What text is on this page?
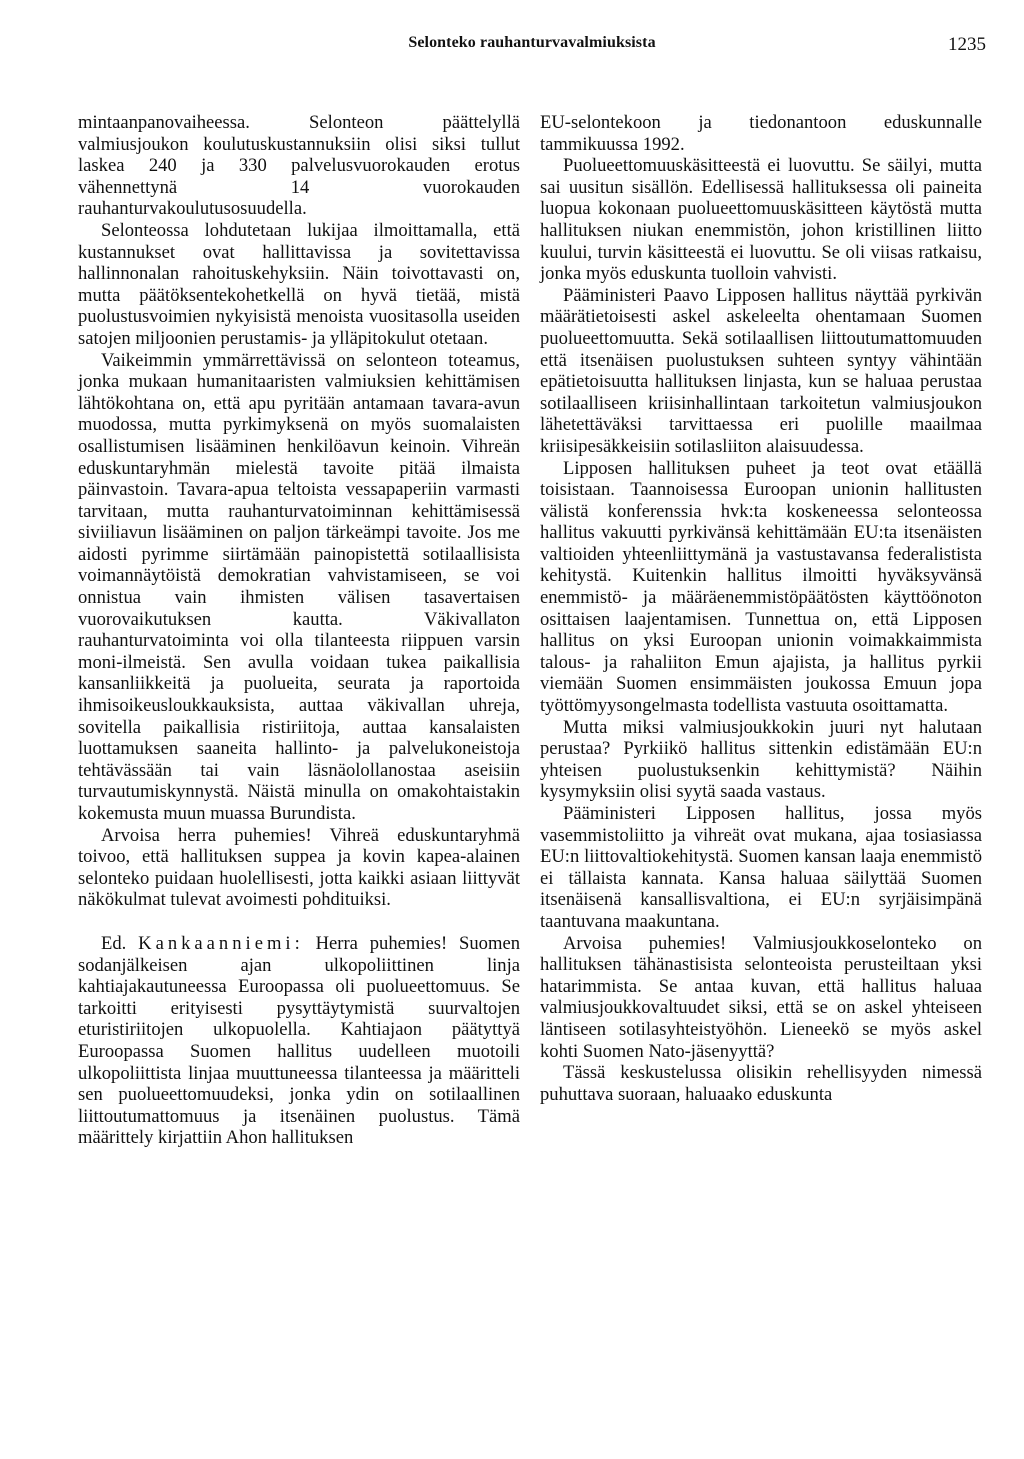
Selonteko rauhanturvavalmiuksista	1235

mintaanpanovaiheessa. Selonteon päättelyllä valmiusjoukon koulutuskustannuksiin olisi siksi tullut laskea 240 ja 330 palvelusvuorokauden erotus vähennettynä 14 vuorokauden rauhanturvakoulutusosuudella.

Selonteossa lohdutetaan lukijaa ilmoittamalla, että kustannukset ovat hallittavissa ja sovitettavissa hallinnonalan rahoituskehyksiin. Näin toivottavasti on, mutta päätöksentekohetkellä on hyvä tietää, mistä puolustusvoimien nykyisistä menoista vuositasolla useiden satojen miljoonien perustamis- ja ylläpitokulut otetaan.

Vaikeimmin ymmärrettävissä on selonteon toteamus, jonka mukaan humanitaaristen valmiuksien kehittämisen lähtökohtana on, että apu pyritään antamaan tavara-avun muodossa, mutta pyrkimyksenä on myös suomalaisten osallistumisen lisääminen henkilöavun keinoin. Vihreän eduskuntaryhmän mielestä tavoite pitää ilmaista päinvastoin. Tavara-apua teltoista vessapaperiin varmasti tarvitaan, mutta rauhanturvatoiminnan kehittämisessä siviiliavun lisääminen on paljon tärkeämpi tavoite. Jos me aidosti pyrimme siirtämään painopistettä sotilaallisista voimannäytöistä demokratian vahvistamiseen, se voi onnistua vain ihmisten välisen tasavertaisen vuorovaikutuksen kautta. Väkivallaton rauhanturvatoiminta voi olla tilanteesta riippuen varsin moni-ilmeistä. Sen avulla voidaan tukea paikallisia kansanliikkeitä ja puolueita, seurata ja raportoida ihmisoikeusloukkauksista, auttaa väkivallan uhreja, sovitella paikallisia ristiriitoja, auttaa kansalaisten luottamuksen saaneita hallinto- ja palvelukoneistoja tehtävässään tai vain läsnäolollanostaa aseisiin turvautumiskynnystä. Näistä minulla on omakohtaistakin kokemusta muun muassa Burundista.

Arvoisa herra puhemies! Vihreä eduskuntaryhmä toivoo, että hallituksen suppea ja kovin kapea-alainen selonteko puidaan huolellisesti, jotta kaikki asiaan liittyvät näkökulmat tulevat avoimesti pohdituiksi.

Ed. Kankaanniemi: Herra puhemies! Suomen sodanjälkeisen ajan ulkopoliittinen linja kahtiajakautuneessa Euroopassa oli puolueettomuus. Se tarkoitti erityisesti pysyttäytymistä suurvaltojen eturistiriitojen ulkopuolella. Kahtiajaon päätyttyä Euroopassa Suomen hallitus uudelleen muotoili ulkopoliittista linjaa muuttuneessa tilanteessa ja määritteli sen puolueettomuudeksi, jonka ydin on sotilaallinen liittoutumattomuus ja itsenäinen puolustus. Tämä määrittely kirjattiin Ahon hallituksen

EU-selontekoon ja tiedonantoon eduskunnalle tammikuussa 1992.

Puolueettomuuskäsitteestä ei luovuttu. Se säilyi, mutta sai uusitun sisällön. Edellisessä hallituksessa oli paineita luopua kokonaan puolueettomuuskäsitteen käytöstä mutta hallituksen niukan enemmistön, johon kristillinen liitto kuului, turvin käsitteestä ei luovuttu. Se oli viisas ratkaisu, jonka myös eduskunta tuolloin vahvisti.

Pääministeri Paavo Lipposen hallitus näyttää pyrkivän määrätietoisesti askel askeleelta ohentamaan Suomen puolueettomuutta. Sekä sotilaallisen liittoutumattomuuden että itsenäisen puolustuksen suhteen syntyy vähintään epätietoisuutta hallituksen linjasta, kun se haluaa perustaa sotilaalliseen kriisinhallintaan tarkoitetun valmiusjoukon lähetettäväksi tarvittaessa eri puolille maailmaa kriisipesäkkeisiin sotilasliiton alaisuudessa.

Lipposen hallituksen puheet ja teot ovat etäällä toisistaan. Taannoisessa Euroopan unionin hallitusten välistä konferenssia hvk:ta koskeneessa selonteossa hallitus vakuutti pyrkivänsä kehittämään EU:ta itsenäisten valtioiden yhteenliittymänä ja vastustavansa federalistista kehitystä. Kuitenkin hallitus ilmoitti hyväksyvänsä enemmistö- ja määräenemmistöpäätösten käyttöönoton osittaisen laajentamisen. Tunnettua on, että Lipposen hallitus on yksi Euroopan unionin voimakkaimmista talous- ja rahaliiton Emun ajajista, ja hallitus pyrkii viemään Suomen ensimmäisten joukossa Emuun jopa työttömyysongelmasta todellista vastuuta osoittamatta.

Mutta miksi valmiusjoukkokin juuri nyt halutaan perustaa? Pyrkiikö hallitus sittenkin edistämään EU:n yhteisen puolustuksenkin kehittymistä? Näihin kysymyksiin olisi syytä saada vastaus.

Pääministeri Lipposen hallitus, jossa myös vasemmistoliitto ja vihreät ovat mukana, ajaa tosiasiassa EU:n liittovaltiokehitystä. Suomen kansan laaja enemmistö ei tällaista kannata. Kansa haluaa säilyttää Suomen itsenäisenä kansallisvaltiona, ei EU:n syrjäisimpänä taantuvana maakuntana.

Arvoisa puhemies! Valmiusjoukkoselonteko on hallituksen tähänastisista selonteoista perusteiltaan yksi hatarimmista. Se antaa kuvan, että hallitus haluaa valmiusjoukkovaltuudet siksi, että se on askel yhteiseen läntiseen sotilasyhteistyöhön. Lieneekö se myös askel kohti Suomen Nato-jäsenyyttä?

Tässä keskustelussa olisikin rehellisyyden nimessä puhuttava suoraan, haluaako eduskunta
